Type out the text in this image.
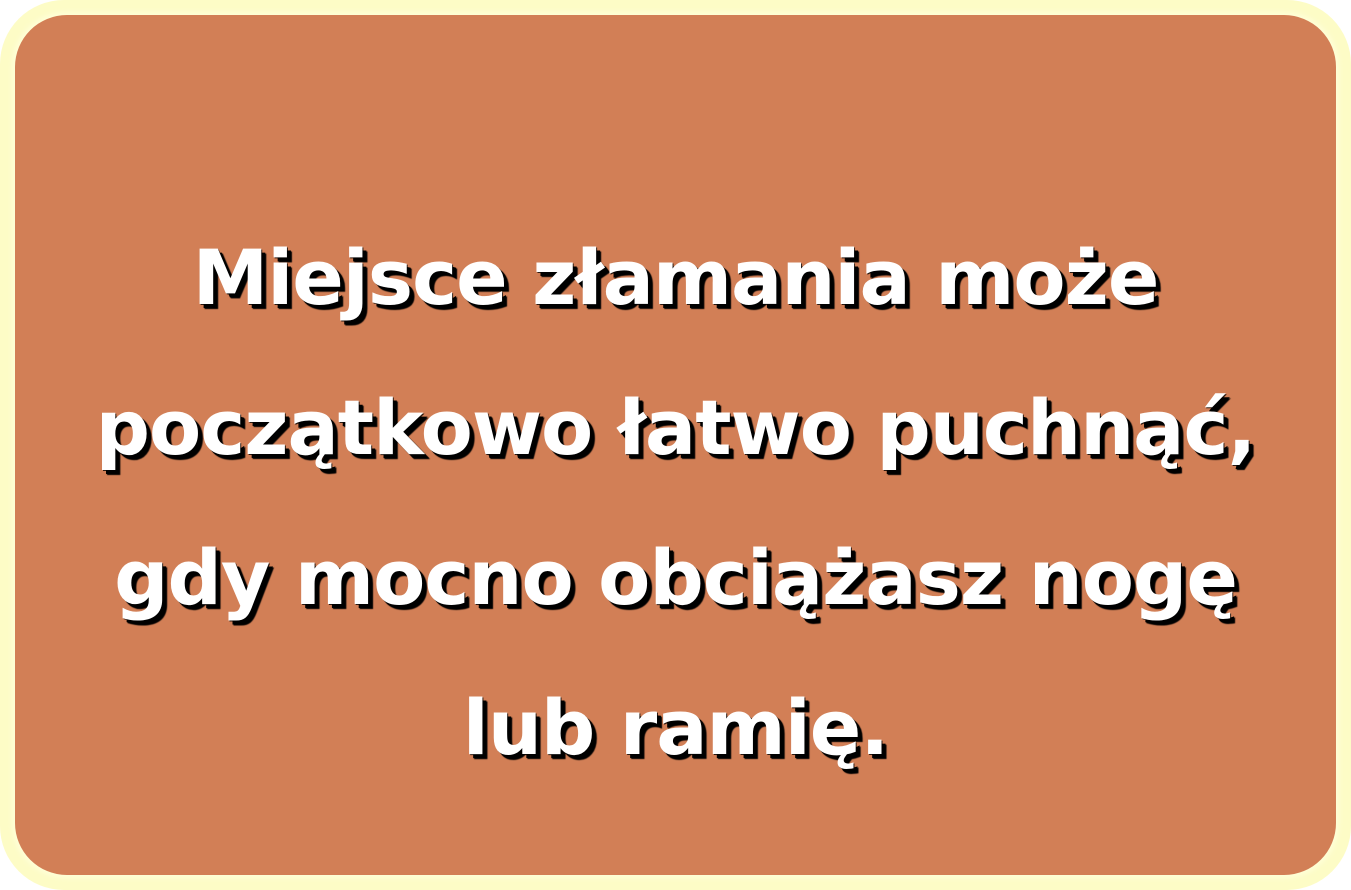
Miejsce złamania może
początkowo łatwo puchnąć,
gdy mocno obciążasz nogę
lub ramię.
